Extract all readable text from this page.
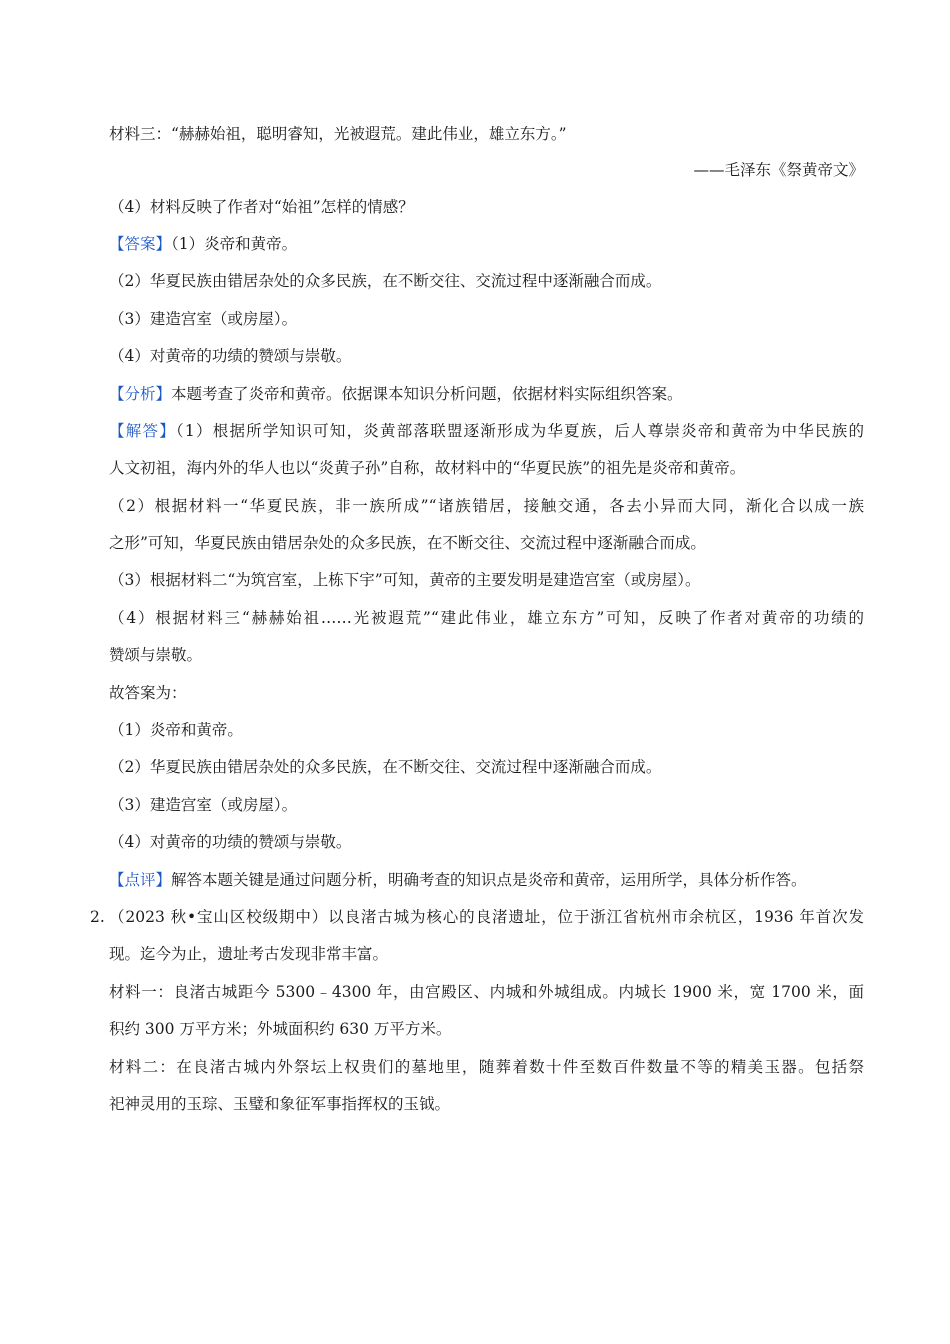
材料三：“赫赫始祖，聪明睿知，光被遐荒。建此伟业，雄立东方。”
——毛泽东《祭黄帝文》
（4）材料反映了作者对“始祖”怎样的情感？
【答案】（1）炎帝和黄帝。
（2）华夏民族由错居杂处的众多民族，在不断交往、交流过程中逐渐融合而成。
（3）建造宫室（或房屋）。
（4）对黄帝的功绩的赞颂与崇敬。
【分析】本题考查了炎帝和黄帝。依据课本知识分析问题，依据材料实际组织答案。
【解答】（1）根据所学知识可知，炎黄部落联盟逐渐形成为华夏族，后人尊崇炎帝和黄帝为中华民族的
人文初祖，海内外的华人也以“炎黄子孙”自称，故材料中的“华夏民族”的祖先是炎帝和黄帝。
（2）根据材料一“华夏民族，非一族所成”“诸族错居，接触交通，各去小异而大同，渐化合以成一族
之形”可知，华夏民族由错居杂处的众多民族，在不断交往、交流过程中逐渐融合而成。
（3）根据材料二“为筑宫室，上栋下宇”可知，黄帝的主要发明是建造宫室（或房屋）。
（4）根据材料三“赫赫始祖……光被遐荒”“建此伟业，雄立东方”可知，反映了作者对黄帝的功绩的
赞颂与崇敬。
故答案为：
（1）炎帝和黄帝。
（2）华夏民族由错居杂处的众多民族，在不断交往、交流过程中逐渐融合而成。
（3）建造宫室（或房屋）。
（4）对黄帝的功绩的赞颂与崇敬。
【点评】解答本题关键是通过问题分析，明确考查的知识点是炎帝和黄帝，运用所学，具体分析作答。
2. （2023 秋•宝山区校级期中）以良渚古城为核心的良渚遗址，位于浙江省杭州市余杭区，1936 年首次发
现。迄今为止，遗址考古发现非常丰富。
材料一：良渚古城距今 5300﹣4300 年，由宫殿区、内城和外城组成。内城长 1900 米，宽 1700 米，面
积约 300 万平方米；外城面积约 630 万平方米。
材料二：在良渚古城内外祭坛上权贵们的墓地里，随葬着数十件至数百件数量不等的精美玉器。包括祭
祀神灵用的玉琮、玉璧和象征军事指挥权的玉钺。
